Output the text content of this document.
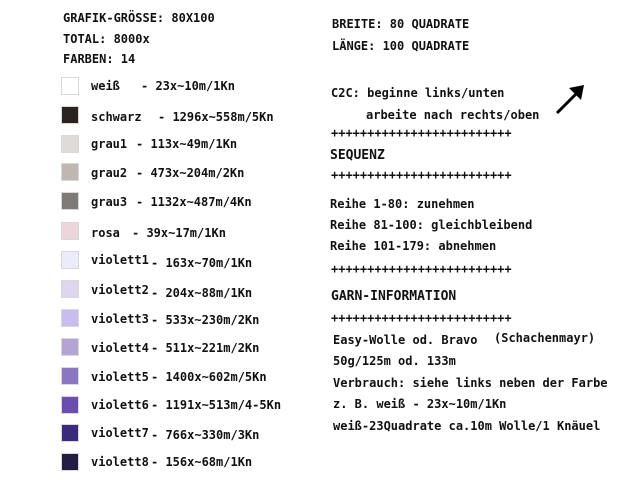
GRAFIK-GRÖSSE: 80X100
TOTAL: 8000x
FARBEN: 14
BREITE: 80 QUADRATE
LÄNGE: 100 QUADRATE
weiß - 23x~10m/1Kn
schwarz - 1296x~558m/5Kn
grau1 - 113x~49m/1Kn
grau2 - 473x~204m/2Kn
grau3 - 1132x~487m/4Kn
rosa - 39x~17m/1Kn
violett1 - 163x~70m/1Kn
violett2 - 204x~88m/1Kn
violett3 - 533x~230m/2Kn
violett4 - 511x~221m/2Kn
violett5 - 1400x~602m/5Kn
violett6 - 1191x~513m/4-5Kn
violett7 - 766x~330m/3Kn
violett8 - 156x~68m/1Kn
C2C: beginne links/unten
arbeite nach rechts/oben
+++++++++++++++++++++++++
SEQUENZ
+++++++++++++++++++++++++
Reihe 1-80: zunehmen
Reihe 81-100: gleichbleibend
Reihe 101-179: abnehmen
+++++++++++++++++++++++++
GARN-INFORMATION
+++++++++++++++++++++++++
Easy-Wolle od. Bravo (Schachenmayr)
50g/125m od. 133m
Verbrauch: siehe links neben der Farbe
z. B. weiß - 23x~10m/1Kn
weiß-23Quadrate ca.10m Wolle/1 Knäuel
